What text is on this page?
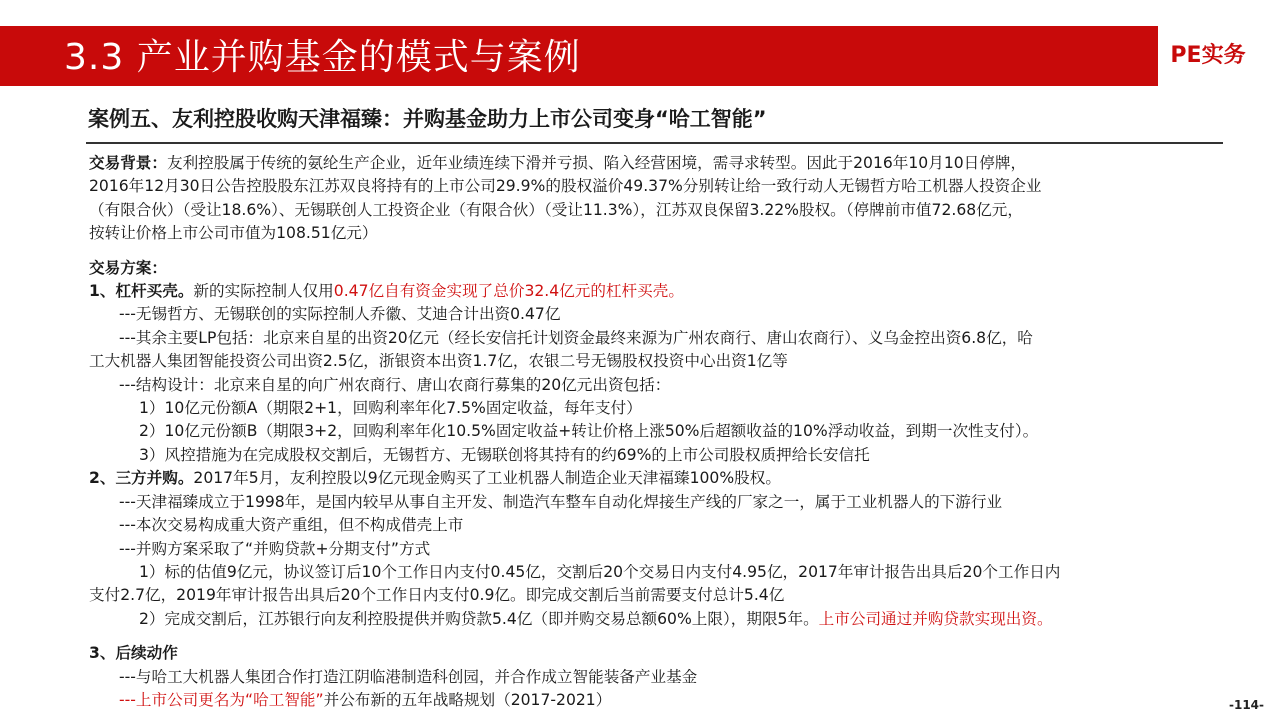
3.3 产业并购基金的模式与案例	PE实务
案例五、友利控股收购天津福臻：并购基金助力上市公司变身“哈工智能”
交易背景：友利控股属于传统的氨纶生产企业，近年业绩连续下滑并亏损、陷入经营困境，需寻求转型。因此于2016年10月10日停牌，
2016年12月30日公告控股股东江苏双良将持有的上市公司29.9%的股权溢价49.37%分别转让给一致行动人无锡哲方哈工机器人投资企业
（有限合伙）（受让18.6%）、无锡联创人工投资企业（有限合伙）（受让11.3%），江苏双良保留3.22%股权。（停牌前市值72.68亿元，
按转让价格上市公司市值为108.51亿元）
交易方案：
1、杠杆买壳。新的实际控制人仅用0.47亿自有资金实现了总价32.4亿元的杠杆买壳。
---无锡哲方、无锡联创的实际控制人乔徽、艾迪合计出资0.47亿
---其余主要LP包括：北京来自星的出资20亿元（经长安信托计划资金最终来源为广州农商行、唐山农商行）、义乌金控出资6.8亿，哈
工大机器人集团智能投资公司出资2.5亿，浙银资本出资1.7亿，农银二号无锡股权投资中心出资1亿等
---结构设计：北京来自星的向广州农商行、唐山农商行募集的20亿元出资包括：
1）10亿元份额A（期限2+1，回购利率年化7.5%固定收益，每年支付）
2）10亿元份额B（期限3+2，回购利率年化10.5%固定收益+转让价格上涨50%后超额收益的10%浮动收益，到期一次性支付）。
3）风控措施为在完成股权交割后，无锡哲方、无锡联创将其持有的约69%的上市公司股权质押给长安信托
2、三方并购。2017年5月，友利控股以9亿元现金购买了工业机器人制造企业天津福臻100%股权。
---天津福臻成立于1998年，是国内较早从事自主开发、制造汽车整车自动化焊接生产线的厂家之一，属于工业机器人的下游行业
---本次交易构成重大资产重组，但不构成借壳上市
---并购方案采取了“并购贷款+分期支付”方式
1）标的估值9亿元，协议签订后10个工作日内支付0.45亿，交割后20个交易日内支付4.95亿，2017年审计报告出具后20个工作日内
支付2.7亿，2019年审计报告出具后20个工作日内支付0.9亿。即完成交割后当前需要支付总计5.4亿
2）完成交割后，江苏银行向友利控股提供并购贷款5.4亿（即并购交易总额60%上限），期限5年。上市公司通过并购贷款实现出资。
3、后续动作
---与哈工大机器人集团合作打造江阴临港制造科创园，并合作成立智能装备产业基金
---上市公司更名为“哈工智能”并公布新的五年战略规划（2017-2021）	-114-
